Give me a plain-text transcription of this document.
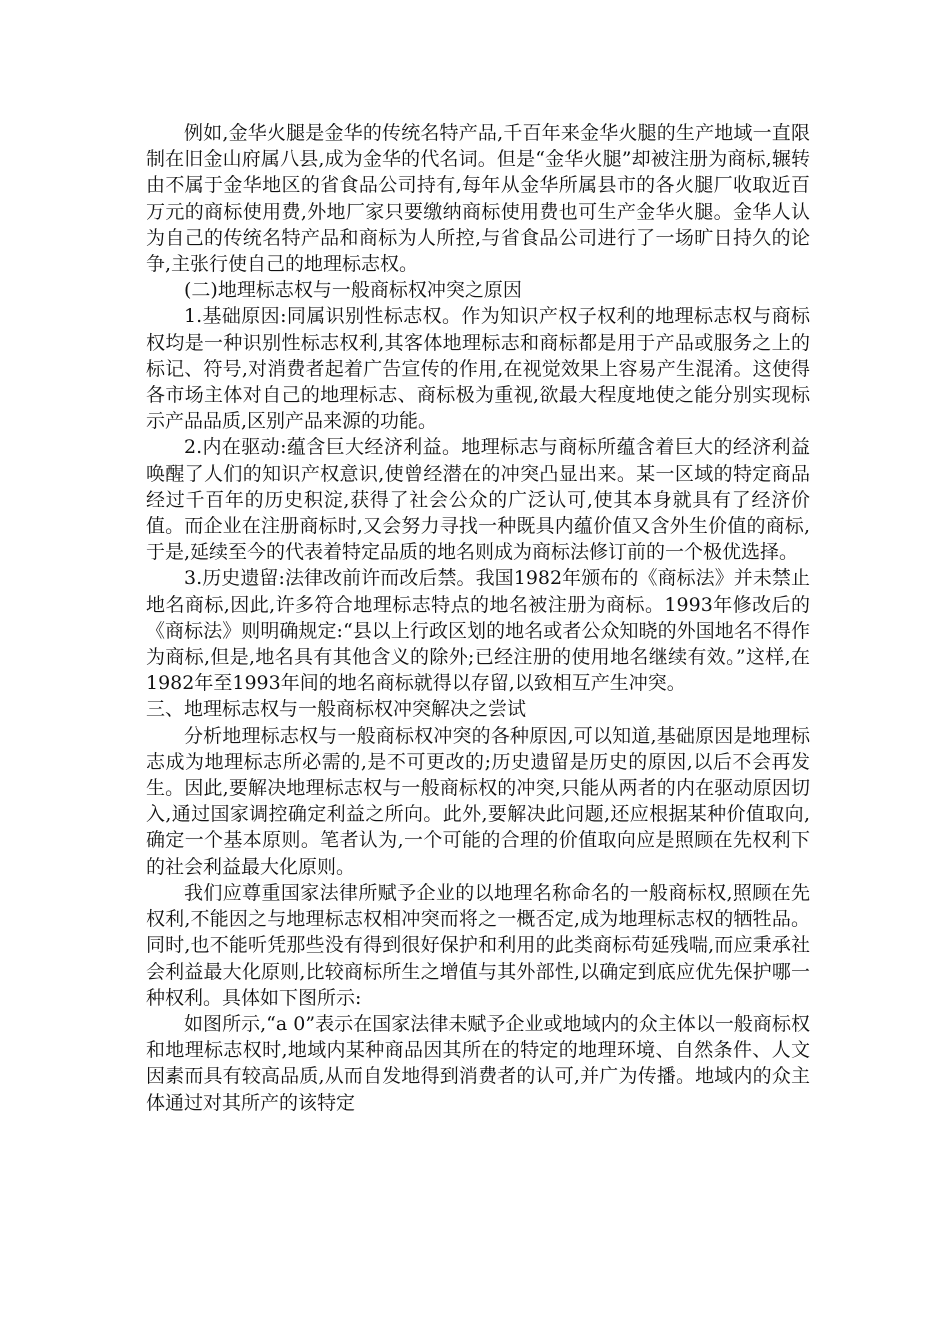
例如,金华火腿是金华的传统名特产品,千百年来金华火腿的生产地域一直限制在旧金山府属八县,成为金华的代名词。但是“金华火腿”却被注册为商标,辗转由不属于金华地区的省食品公司持有,每年从金华所属县市的各火腿厂收取近百万元的商标使用费,外地厂家只要缴纳商标使用费也可生产金华火腿。金华人认为自己的传统名特产品和商标为人所控,与省食品公司进行了一场旷日持久的论争,主张行使自己的地理标志权。

(二)地理标志权与一般商标权冲突之原因

1.基础原因:同属识别性标志权。作为知识产权子权利的地理标志权与商标权均是一种识别性标志权利,其客体地理标志和商标都是用于产品或服务之上的标记、符号,对消费者起着广告宣传的作用,在视觉效果上容易产生混淆。这使得各市场主体对自己的地理标志、商标极为重视,欲最大程度地使之能分别实现标示产品品质,区别产品来源的功能。

2.内在驱动:蕴含巨大经济利益。地理标志与商标所蕴含着巨大的经济利益唤醒了人们的知识产权意识,使曾经潜在的冲突凸显出来。某一区域的特定商品经过千百年的历史积淀,获得了社会公众的广泛认可,使其本身就具有了经济价值。而企业在注册商标时,又会努力寻找一种既具内蕴价值又含外生价值的商标,于是,延续至今的代表着特定品质的地名则成为商标法修订前的一个极优选择。

3.历史遗留:法律改前许而改后禁。我国1982年颁布的《商标法》并未禁止地名商标,因此,许多符合地理标志特点的地名被注册为商标。1993年修改后的《商标法》则明确规定:“县以上行政区划的地名或者公众知晓的外国地名不得作为商标,但是,地名具有其他含义的除外;已经注册的使用地名继续有效。”这样,在1982年至1993年间的地名商标就得以存留,以致相互产生冲突。

三、地理标志权与一般商标权冲突解决之尝试

分析地理标志权与一般商标权冲突的各种原因,可以知道,基础原因是地理标志成为地理标志所必需的,是不可更改的;历史遗留是历史的原因,以后不会再发生。因此,要解决地理标志权与一般商标权的冲突,只能从两者的内在驱动原因切入,通过国家调控确定利益之所向。此外,要解决此问题,还应根据某种价值取向,确定一个基本原则。笔者认为,一个可能的合理的价值取向应是照顾在先权利下的社会利益最大化原则。

我们应尊重国家法律所赋予企业的以地理名称命名的一般商标权,照顾在先权利,不能因之与地理标志权相冲突而将之一概否定,成为地理标志权的牺牲品。同时,也不能听凭那些没有得到很好保护和利用的此类商标苟延残喘,而应秉承社会利益最大化原则,比较商标所生之增值与其外部性,以确定到底应优先保护哪一种权利。具体如下图所示:

如图所示,“a 0”表示在国家法律未赋予企业或地域内的众主体以一般商标权和地理标志权时,地域内某种商品因其所在的特定的地理环境、自然条件、人文因素而具有较高品质,从而自发地得到消费者的认可,并广为传播。地域内的众主体通过对其所产的该特定
